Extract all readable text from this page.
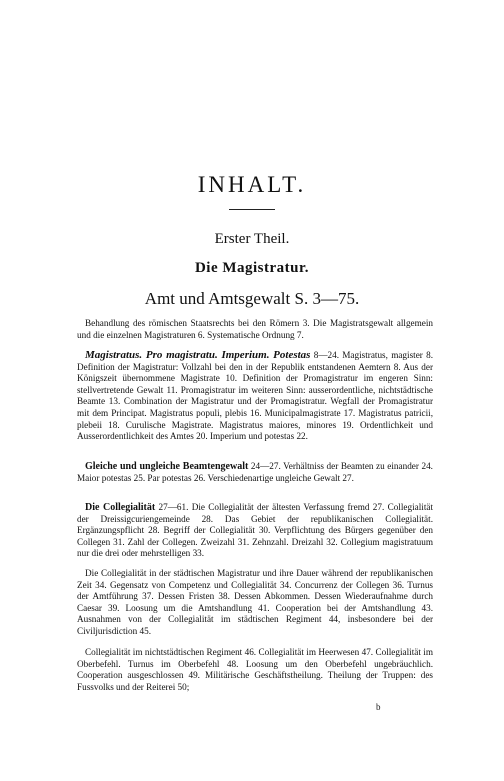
INHALT.
Erster Theil.
Die Magistratur.
Amt und Amtsgewalt S. 3—75.
Behandlung des römischen Staatsrechts bei den Römern 3. Die Magistratsgewalt allgemein und die einzelnen Magistraturen 6. Systematische Ordnung 7.
Magistratus. Pro magistratu. Imperium. Potestas 8—24. Magistratus, magister 8. Definition der Magistratur: Vollzahl bei den in der Republik entstandenen Aemtern 8. Aus der Königszeit übernommene Magistrate 10. Definition der Promagistratur im engeren Sinn: stellvertretende Gewalt 11. Promagistratur im weiteren Sinn: ausserordentliche, nichtstädtische Beamte 13. Combination der Magistratur und der Promagistratur. Wegfall der Promagistratur mit dem Principat. Magistratus populi, plebis 16. Municipalmagistrate 17. Magistratus patricii, plebeii 18. Curulische Magistrate. Magistratus maiores, minores 19. Ordentlichkeit und Ausserordentlichkeit des Amtes 20. Imperium und potestas 22.
Gleiche und ungleiche Beamtengewalt 24—27. Verhältniss der Beamten zu einander 24. Maior potestas 25. Par potestas 26. Verschiedenartige ungleiche Gewalt 27.
Die Collegialität 27—61. Die Collegialität der ältesten Verfassung fremd 27. Collegialität der Dreissigcuriengemeinde 28. Das Gebiet der republikanischen Collegialität. Ergänzungspflicht 28. Begriff der Collegialität 30. Verpflichtung des Bürgers gegenüber den Collegen 31. Zahl der Collegen. Zweizahl 31. Zehnzahl. Dreizahl 32. Collegium magistratuum nur die drei oder mehrstelligen 33.
Die Collegialität in der städtischen Magistratur und ihre Dauer während der republikanischen Zeit 34. Gegensatz von Competenz und Collegialität 34. Concurrenz der Collegen 36. Turnus der Amtführung 37. Dessen Fristen 38. Dessen Abkommen. Dessen Wiederaufnahme durch Caesar 39. Loosung um die Amtshandlung 41. Cooperation bei der Amtshandlung 43. Ausnahmen von der Collegialität im städtischen Regiment 44, insbesondere bei der Civiljurisdiction 45.
Collegialität im nichtstädtischen Regiment 46. Collegialität im Heerwesen 47. Collegialität im Oberbefehl. Turnus im Oberbefehl 48. Loosung um den Oberbefehl ungebräuchlich. Cooperation ausgeschlossen 49. Militärische Geschäftstheilung. Theilung der Truppen: des Fussvolks und der Reiterei 50;
b
